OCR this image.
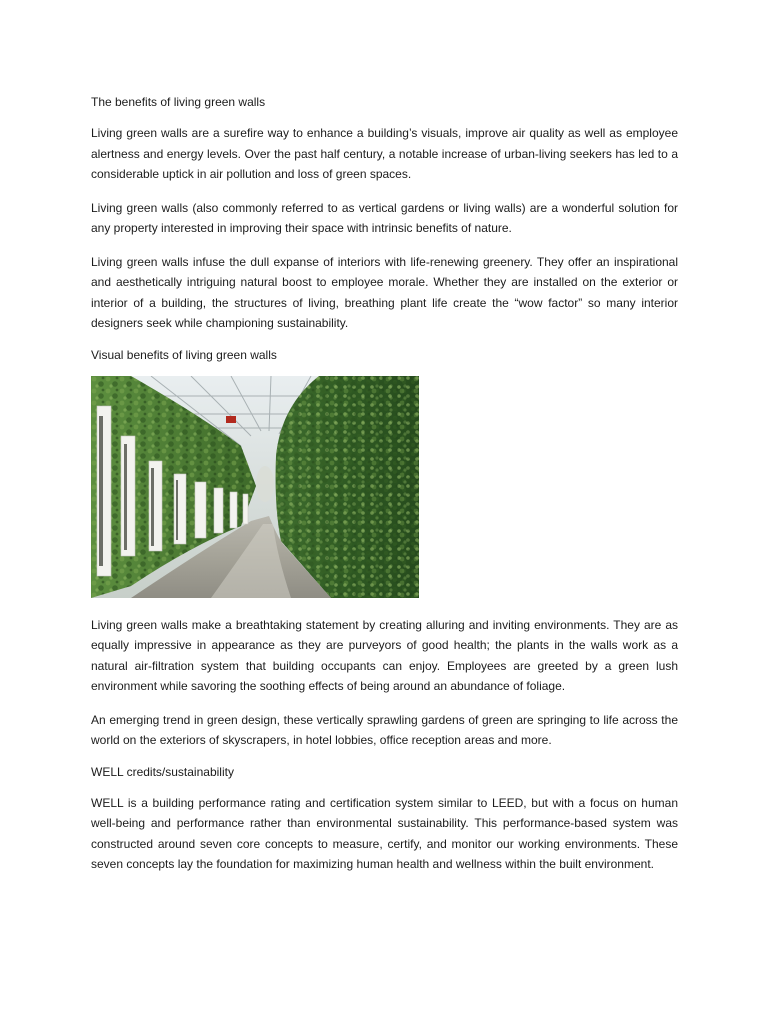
The benefits of living green walls

Living green walls are a surefire way to enhance a building’s visuals, improve air quality as well as employee alertness and energy levels. Over the past half century, a notable increase of urban-living seekers has led to a considerable uptick in air pollution and loss of green spaces.

Living green walls (also commonly referred to as vertical gardens or living walls) are a wonderful solution for any property interested in improving their space with intrinsic benefits of nature.

Living green walls infuse the dull expanse of interiors with life-renewing greenery. They offer an inspirational and aesthetically intriguing natural boost to employee morale. Whether they are installed on the exterior or interior of a building, the structures of living, breathing plant life create the “wow factor” so many interior designers seek while championing sustainability.

Visual benefits of living green walls

Living green walls make a breathtaking statement by creating alluring and inviting environments. They are as equally impressive in appearance as they are purveyors of good health; the plants in the walls work as a natural air-filtration system that building occupants can enjoy. Employees are greeted by a green lush environment while savoring the soothing effects of being around an abundance of foliage.

An emerging trend in green design, these vertically sprawling gardens of green are springing to life across the world on the exteriors of skyscrapers, in hotel lobbies, office reception areas and more.

WELL credits/sustainability

WELL is a building performance rating and certification system similar to LEED, but with a focus on human well-being and performance rather than environmental sustainability. This performance-based system was constructed around seven core concepts to measure, certify, and monitor our working environments. These seven concepts lay the foundation for maximizing human health and wellness within the built environment.
